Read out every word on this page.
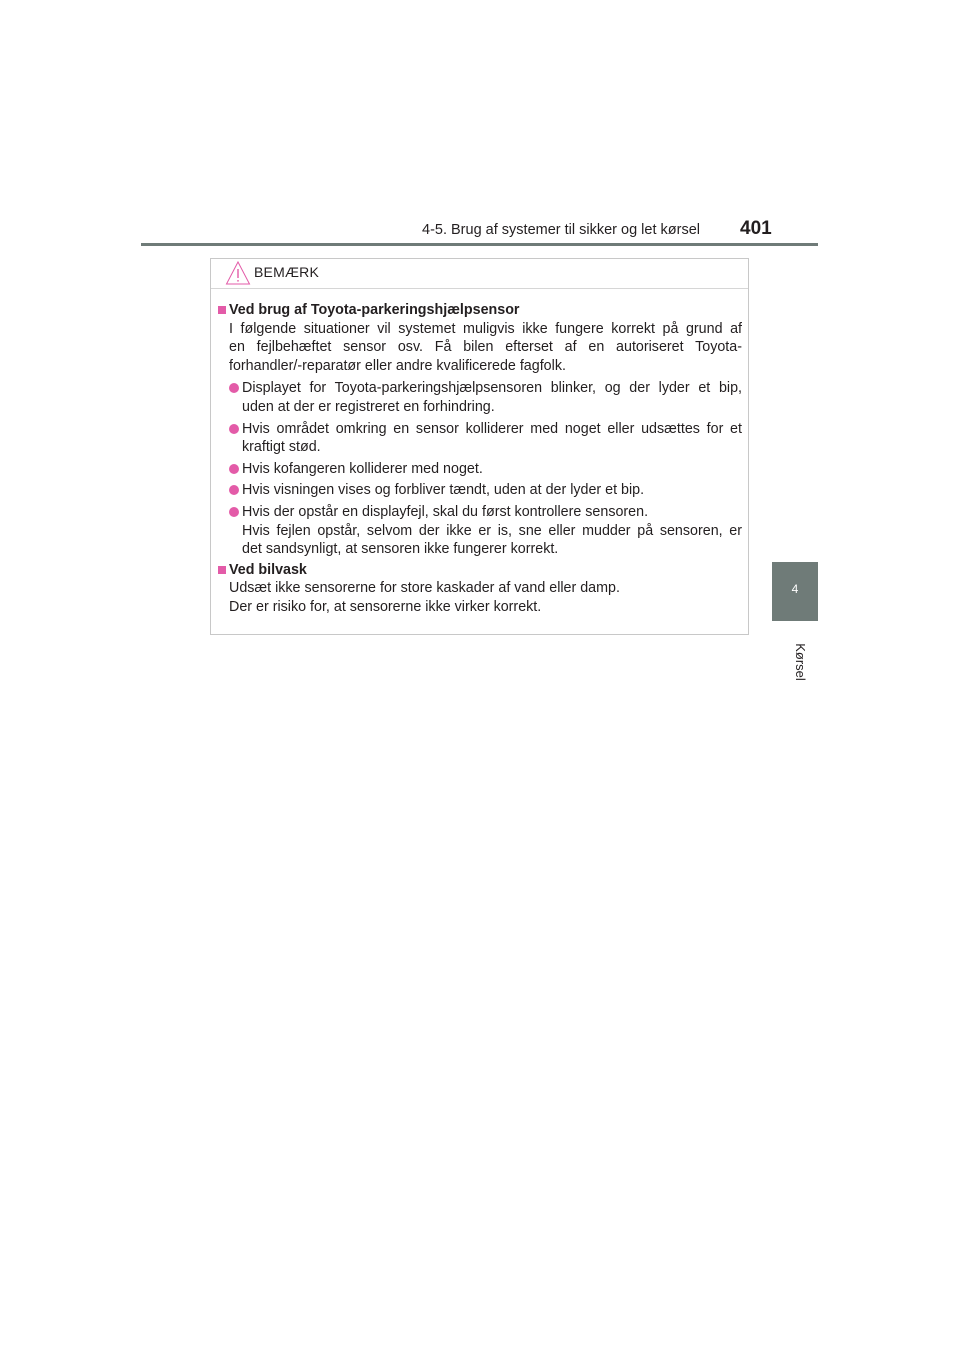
4-5. Brug af systemer til sikker og let kørsel 401
4
Kørsel
BEMÆRK
Ved brug af Toyota-parkeringshjælpsensor
I følgende situationer vil systemet muligvis ikke fungere korrekt på grund af
en fejlbehæftet sensor osv. Få bilen efterset af en autoriseret Toyota-
forhandler/-reparatør eller andre kvalificerede fagfolk.
Displayet for Toyota-parkeringshjælpsensoren blinker, og der lyder et bip,
uden at der er registreret en forhindring.
Hvis området omkring en sensor kolliderer med noget eller udsættes for et
kraftigt stød.
Hvis kofangeren kolliderer med noget.
Hvis visningen vises og forbliver tændt, uden at der lyder et bip.
Hvis der opstår en displayfejl, skal du først kontrollere sensoren.
Hvis fejlen opstår, selvom der ikke er is, sne eller mudder på sensoren, er
det sandsynligt, at sensoren ikke fungerer korrekt.
Ved bilvask
Udsæt ikke sensorerne for store kaskader af vand eller damp.
Der er risiko for, at sensorerne ikke virker korrekt.
